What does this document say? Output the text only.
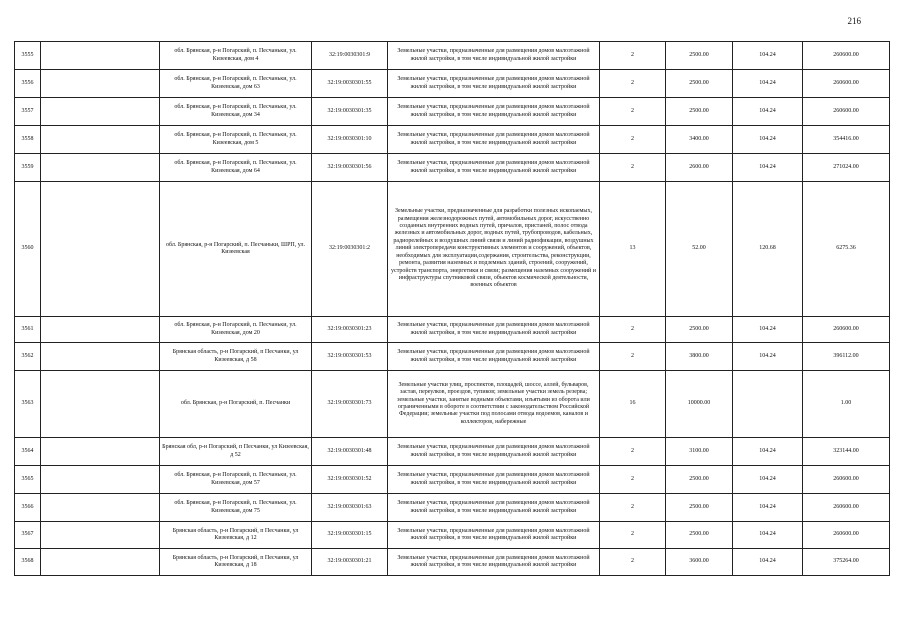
216
3555		обл. Брянская, р-н Погарский, п. Песчаньки, ул. Кизеевская, дом 4	32:19:0030301:9	Земельные участки, предназначенные для размещения домов малоэтажной жилой застройки, в том числе индивидуальной жилой застройки	2	2500.00	104.24	260600.00
3556		обл. Брянская, р-н Погарский, п. Песчаньки, ул. Кизеевская, дом 63	32:19:0030301:55	Земельные участки, предназначенные для размещения домов малоэтажной жилой застройки, в том числе индивидуальной жилой застройки	2	2500.00	104.24	260600.00
3557		обл. Брянская, р-н Погарский, п. Песчаньки, ул. Кизеевская, дом 34	32:19:0030301:35	Земельные участки, предназначенные для размещения домов малоэтажной жилой застройки, в том числе индивидуальной жилой застройки	2	2500.00	104.24	260600.00
3558		обл. Брянская, р-н Погарский, п. Песчаньки, ул. Кизеевская, дом 5	32:19:0030301:10	Земельные участки, предназначенные для размещения домов малоэтажной жилой застройки, в том числе индивидуальной жилой застройки	2	3400.00	104.24	354416.00
3559		обл. Брянская, р-н Погарский, п. Песчаньки, ул. Кизеевская, дом 64	32:19:0030301:56	Земельные участки, предназначенные для размещения домов малоэтажной жилой застройки, в том числе индивидуальной жилой застройки	2	2600.00	104.24	271024.00
3560		обл. Брянская, р-н Погарский, п. Песчаньки, ШРП, ул. Кизеевская	32:19:0030301:2	Земельные участки, предназначенные для разработки полезных ископаемых, размещения железнодорожных путей, автомобильных дорог, искусственно созданных внутренних водных путей, причалов, пристаней, полос отвода железных и автомобильных дорог, водных путей, трубопроводов, кабельных, радиорелейных и воздушных линий связи и линий радиофикации, воздушных линий электропередачи конструктивных элементов и сооружений, объектов, необходимых для эксплуатации,содержания, строительства, реконструкции, ремонта, развития наземных и подземных зданий, строений, сооружений, устройств транспорта, энергетики и связи; размещения наземных сооружений и инфраструктуры спутниковой связи, объектов космической деятельности, военных объектов	13	52.00	120.68	6275.36
3561		обл. Брянская, р-н Погарский, п. Песчаньки, ул. Кизеевская, дом 20	32:19:0030301:23	Земельные участки, предназначенные для размещения домов малоэтажной жилой застройки, в том числе индивидуальной жилой застройки	2	2500.00	104.24	260600.00
3562		Брянская область, р-н Погарский, п Песчанки, ул Кизеевская, д 58	32:19:0030301:53	Земельные участки, предназначенные для размещения домов малоэтажной жилой застройки, в том числе индивидуальной жилой застройки	2	3800.00	104.24	396112.00
3563		обл. Брянская, р-н Погарский, п. Песчанки	32:19:0030301:73	Земельные участки улиц, проспектов, площадей, шоссе, аллей, бульваров, застав, переулков, проездов, тупиков; земельные участки земель резерва; земельные участки, занятые водными объектами, изъятыми из оборота или ограниченными в обороте в соответствии с законодательством Российской Федерации; земельные участки под полосами отвода водоемов, каналов и коллекторов, набережные	16	10000.00		1.00
3564		Брянская обл, р-н Погарский, п Песчанки, ул Кизеевская, д 52	32:19:0030301:48	Земельные участки, предназначенные для размещения домов малоэтажной жилой застройки, в том числе индивидуальной жилой застройки	2	3100.00	104.24	323144.00
3565		обл. Брянская, р-н Погарский, п. Песчаньки, ул. Кизеевская, дом 57	32:19:0030301:52	Земельные участки, предназначенные для размещения домов малоэтажной жилой застройки, в том числе индивидуальной жилой застройки	2	2500.00	104.24	260600.00
3566		обл. Брянская, р-н Погарский, п. Песчаньки, ул. Кизеевская, дом 75	32:19:0030301:63	Земельные участки, предназначенные для размещения домов малоэтажной жилой застройки, в том числе индивидуальной жилой застройки	2	2500.00	104.24	260600.00
3567		Брянская область, р-н Погарский, п Песчанки, ул Кизеевская, д 12	32:19:0030301:15	Земельные участки, предназначенные для размещения домов малоэтажной жилой застройки, в том числе индивидуальной жилой застройки	2	2500.00	104.24	260600.00
3568		Брянская область, р-н Погарский, п Песчанки, ул Кизеевская, д 18	32:19:0030301:21	Земельные участки, предназначенные для размещения домов малоэтажной жилой застройки, в том числе индивидуальной жилой застройки	2	3600.00	104.24	375264.00
